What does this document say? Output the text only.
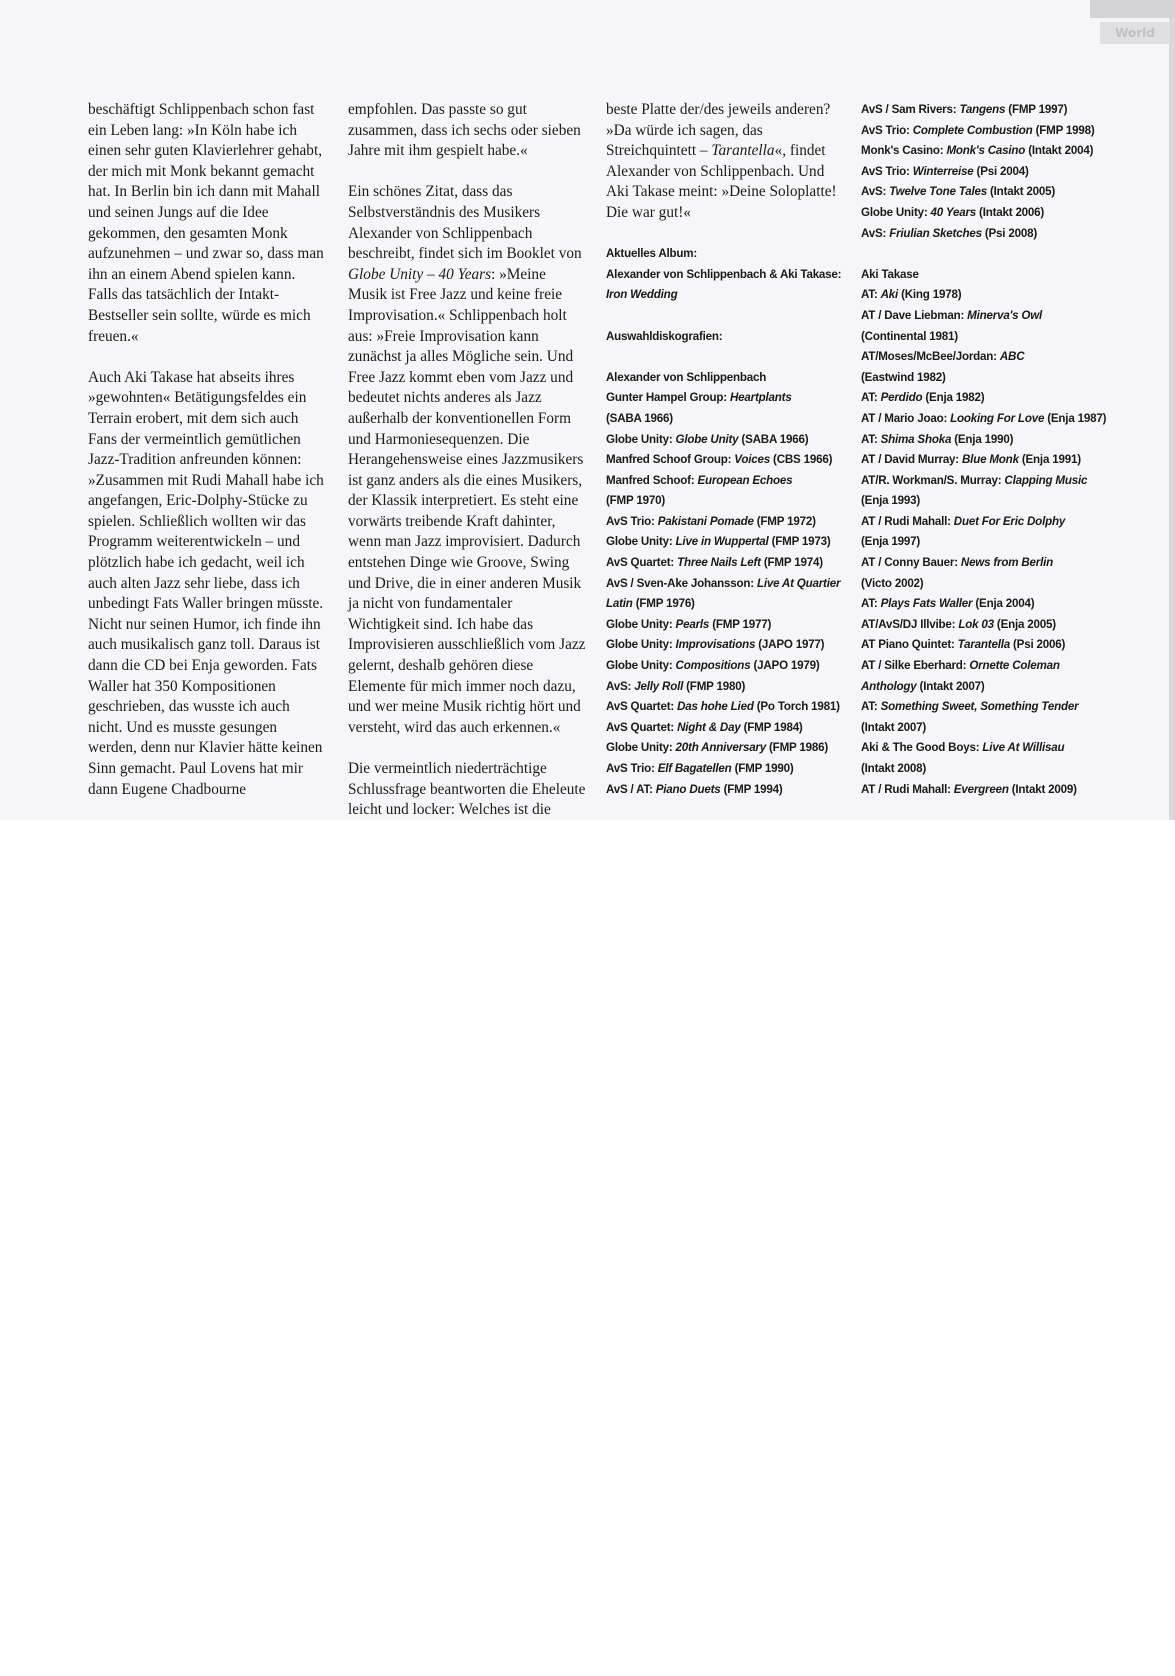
World

beschäftigt Schlippenbach schon fast ein Leben lang: »In Köln habe ich einen sehr guten Klavierlehrer gehabt, der mich mit Monk bekannt gemacht hat. In Berlin bin ich dann mit Mahall und seinen Jungs auf die Idee gekommen, den gesamten Monk aufzunehmen – und zwar so, dass man ihn an einem Abend spielen kann. Falls das tatsächlich der Intakt-Bestseller sein sollte, würde es mich freuen.«

Auch Aki Takase hat abseits ihres »gewohnten« Betätigungsfeldes ein Terrain erobert, mit dem sich auch Fans der vermeintlich gemütlichen Jazz-Tradition anfreunden können: »Zusammen mit Rudi Mahall habe ich angefangen, Eric-Dolphy-Stücke zu spielen. Schließlich wollten wir das Programm weiterentwickeln – und plötzlich habe ich gedacht, weil ich auch alten Jazz sehr liebe, dass ich unbedingt Fats Waller bringen müsste. Nicht nur seinen Humor, ich finde ihn auch musikalisch ganz toll. Daraus ist dann die CD bei Enja geworden. Fats Waller hat 350 Kompositionen geschrieben, das wusste ich auch nicht. Und es musste gesungen werden, denn nur Klavier hätte keinen Sinn gemacht. Paul Lovens hat mir dann Eugene Chadbourne

empfohlen. Das passte so gut zusammen, dass ich sechs oder sieben Jahre mit ihm gespielt habe.«

Ein schönes Zitat, dass das Selbstverständnis des Musikers Alexander von Schlippenbach beschreibt, findet sich im Booklet von Globe Unity – 40 Years: »Meine Musik ist Free Jazz und keine freie Improvisation.« Schlippenbach holt aus: »Freie Improvisation kann zunächst ja alles Mögliche sein. Und Free Jazz kommt eben vom Jazz und bedeutet nichts anderes als Jazz außerhalb der konventionellen Form und Harmoniesequenzen. Die Herangehensweise eines Jazzmusikers ist ganz anders als die eines Musikers, der Klassik interpretiert. Es steht eine vorwärts treibende Kraft dahinter, wenn man Jazz improvisiert. Dadurch entstehen Dinge wie Groove, Swing und Drive, die in einer anderen Musik ja nicht von fundamentaler Wichtigkeit sind. Ich habe das Improvisieren ausschließlich vom Jazz gelernt, deshalb gehören diese Elemente für mich immer noch dazu, und wer meine Musik richtig hört und versteht, wird das auch erkennen.«

Die vermeintlich niederträchtige Schlussfrage beantworten die Eheleute leicht und locker: Welches ist die

beste Platte der/des jeweils anderen? »Da würde ich sagen, das Streichquintett – Tarantella«, findet Alexander von Schlippenbach. Und Aki Takase meint: »Deine Soloplatte! Die war gut!«

Aktuelles Album:
Alexander von Schlippenbach & Aki Takase:
Iron Wedding
Auswahldiskografien:
Alexander von Schlippenbach
Gunter Hampel Group: Heartplants
(SABA 1966)
Globe Unity: Globe Unity (SABA 1966)
Manfred Schoof Group: Voices (CBS 1966)
Manfred Schoof: European Echoes
(FMP 1970)
AvS Trio: Pakistani Pomade (FMP 1972)
Globe Unity: Live in Wuppertal (FMP 1973)
AvS Quartet: Three Nails Left (FMP 1974)
AvS / Sven-Ake Johansson: Live At Quartier
Latin (FMP 1976)
Globe Unity: Pearls (FMP 1977)
Globe Unity: Improvisations (JAPO 1977)
Globe Unity: Compositions (JAPO 1979)
AvS: Jelly Roll (FMP 1980)
AvS Quartet: Das hohe Lied (Po Torch 1981)
AvS Quartet: Night & Day (FMP 1984)
Globe Unity: 20th Anniversary (FMP 1986)
AvS Trio: Elf Bagatellen (FMP 1990)
AvS / AT: Piano Duets (FMP 1994)
AvS / Sam Rivers: Tangens (FMP 1997)
AvS Trio: Complete Combustion (FMP 1998)
Monk's Casino: Monk's Casino (Intakt 2004)
AvS Trio: Winterreise (Psi 2004)
AvS: Twelve Tone Tales (Intakt 2005)
Globe Unity: 40 Years (Intakt 2006)
AvS: Friulian Sketches (Psi 2008)
Aki Takase
AT: Aki (King 1978)
AT / Dave Liebman: Minerva's Owl
(Continental 1981)
AT/Moses/McBee/Jordan: ABC
(Eastwind 1982)
AT: Perdido (Enja 1982)
AT / Mario Joao: Looking For Love (Enja 1987)
AT: Shima Shoka (Enja 1990)
AT / David Murray: Blue Monk (Enja 1991)
AT/R. Workman/S. Murray: Clapping Music
(Enja 1993)
AT / Rudi Mahall: Duet For Eric Dolphy
(Enja 1997)
AT / Conny Bauer: News from Berlin
(Victo 2002)
AT: Plays Fats Waller (Enja 2004)
AT/AvS/DJ Illvibe: Lok 03 (Enja 2005)
AT Piano Quintet: Tarantella (Psi 2006)
AT / Silke Eberhard: Ornette Coleman
Anthology (Intakt 2007)
AT: Something Sweet, Something Tender
(Intakt 2007)
Aki & The Good Boys: Live At Willisau
(Intakt 2008)
AT / Rudi Mahall: Evergreen (Intakt 2009)
